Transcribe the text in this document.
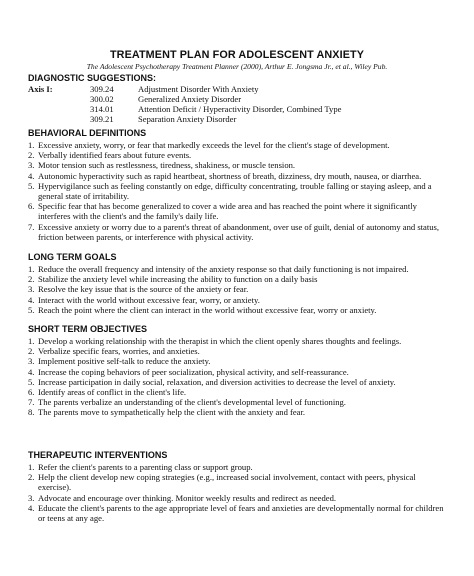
TREATMENT PLAN FOR ADOLESCENT ANXIETY
The Adolescent Psychotherapy Treatment Planner (2000), Arthur E. Jongsma Jr., et al., Wiley Pub.
DIAGNOSTIC SUGGESTIONS:
Axis I:	309.24	Adjustment Disorder With Anxiety
300.02	Generalized Anxiety Disorder
314.01	Attention Deficit / Hyperactivity Disorder, Combined Type
309.21	Separation Anxiety Disorder
BEHAVIORAL DEFINITIONS
1. Excessive anxiety, worry, or fear that markedly exceeds the level for the client's stage of development.
2. Verbally identified fears about future events.
3. Motor tension such as restlessness, tiredness, shakiness, or muscle tension.
4. Autonomic hyperactivity such as rapid heartbeat, shortness of breath, dizziness, dry mouth, nausea, or diarrhea.
5. Hypervigilance such as feeling constantly on edge, difficulty concentrating, trouble falling or staying asleep, and a general state of irritability.
6. Specific fear that has become generalized to cover a wide area and has reached the point where it significantly interferes with the client's and the family's daily life.
7. Excessive anxiety or worry due to a parent's threat of abandonment, over use of guilt, denial of autonomy and status, friction between parents, or interference with physical activity.
LONG TERM GOALS
1. Reduce the overall frequency and intensity of the anxiety response so that daily functioning is not impaired.
2. Stabilize the anxiety level while increasing the ability to function on a daily basis
3. Resolve the key issue that is the source of the anxiety or fear.
4. Interact with the world without excessive fear, worry, or anxiety.
5. Reach the point where the client can interact in the world without excessive fear, worry or anxiety.
SHORT TERM OBJECTIVES
1. Develop a working relationship with the therapist in which the client openly shares thoughts and feelings.
2. Verbalize specific fears, worries, and anxieties.
3. Implement positive self-talk to reduce the anxiety.
4. Increase the coping behaviors of peer socialization, physical activity, and self-reassurance.
5. Increase participation in daily social, relaxation, and diversion activities to decrease the level of anxiety.
6. Identify areas of conflict in the client's life.
7. The parents verbalize an understanding of the client's developmental level of functioning.
8. The parents move to sympathetically help the client with the anxiety and fear.
THERAPEUTIC INTERVENTIONS
1. Refer the client's parents to a parenting class or support group.
2. Help the client develop new coping strategies (e.g., increased social involvement, contact with peers, physical exercise).
3. Advocate and encourage over thinking. Monitor weekly results and redirect as needed.
4. Educate the client's parents to the age appropriate level of fears and anxieties are developmentally normal for children or teens at any age.
